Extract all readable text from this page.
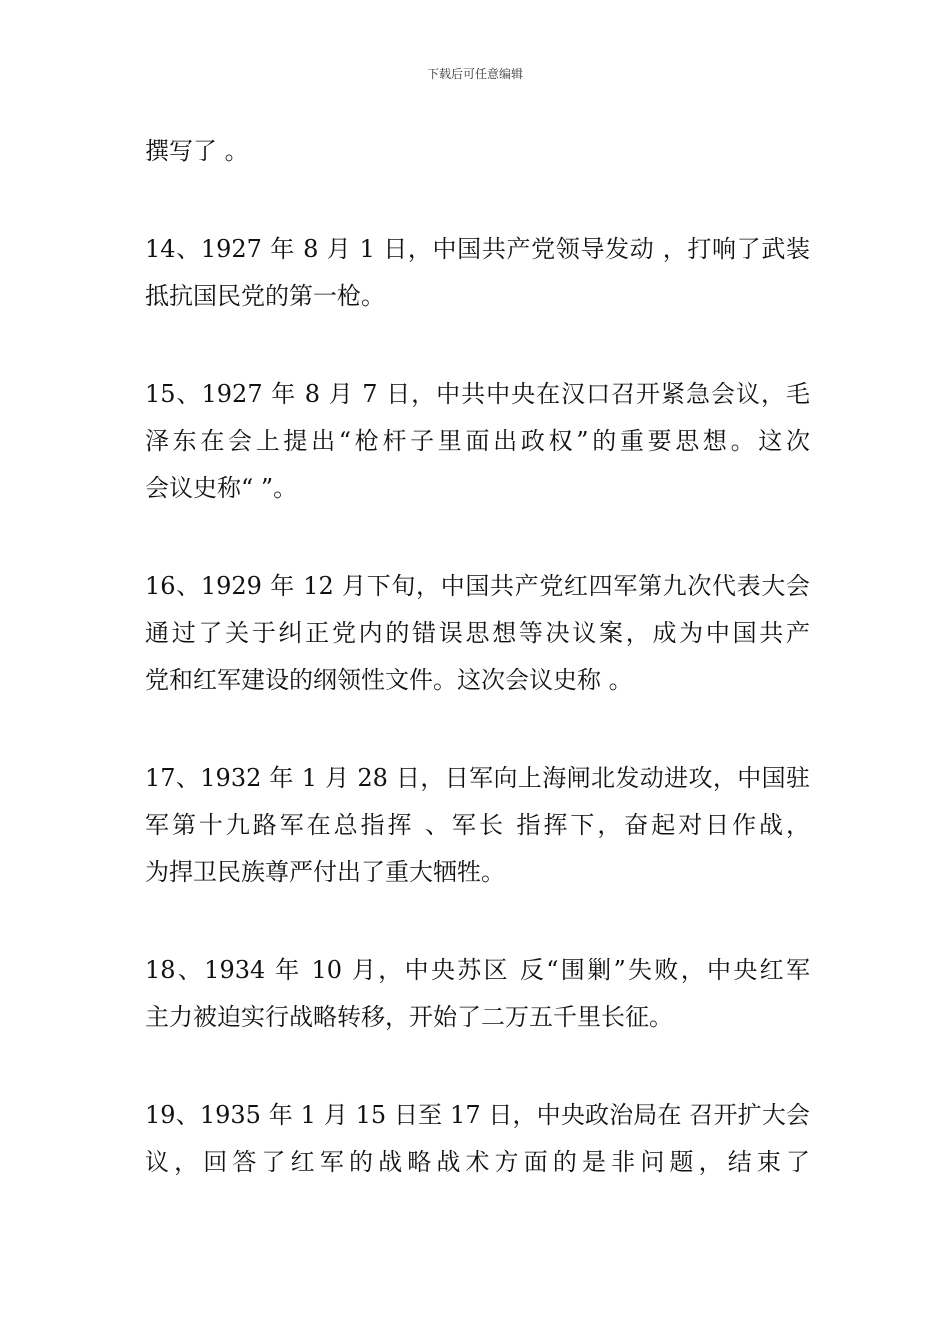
下载后可任意编辑

撰写了 。

14、1927 年 8 月 1 日，中国共产党领导发动 ，打响了武装
抵抗国民党的第一枪。

15、1927 年 8 月 7 日，中共中央在汉口召开紧急会议，毛
泽东在会上提出“枪杆子里面出政权”的重要思想。这次
会议史称“ ”。

16、1929 年 12 月下旬，中国共产党红四军第九次代表大会
通过了关于纠正党内的错误思想等决议案，成为中国共产
党和红军建设的纲领性文件。这次会议史称 。

17、1932 年 1 月 28 日，日军向上海闸北发动进攻，中国驻
军第十九路军在总指挥 、军长 指挥下，奋起对日作战，
为捍卫民族尊严付出了重大牺牲。

18、1934 年 10 月，中央苏区 反“围剿”失败，中央红军
主力被迫实行战略转移，开始了二万五千里长征。

19、1935 年 1 月 15 日至 17 日，中央政治局在 召开扩大会
议，回答了红军的战略战术方面的是非问题，结束了
